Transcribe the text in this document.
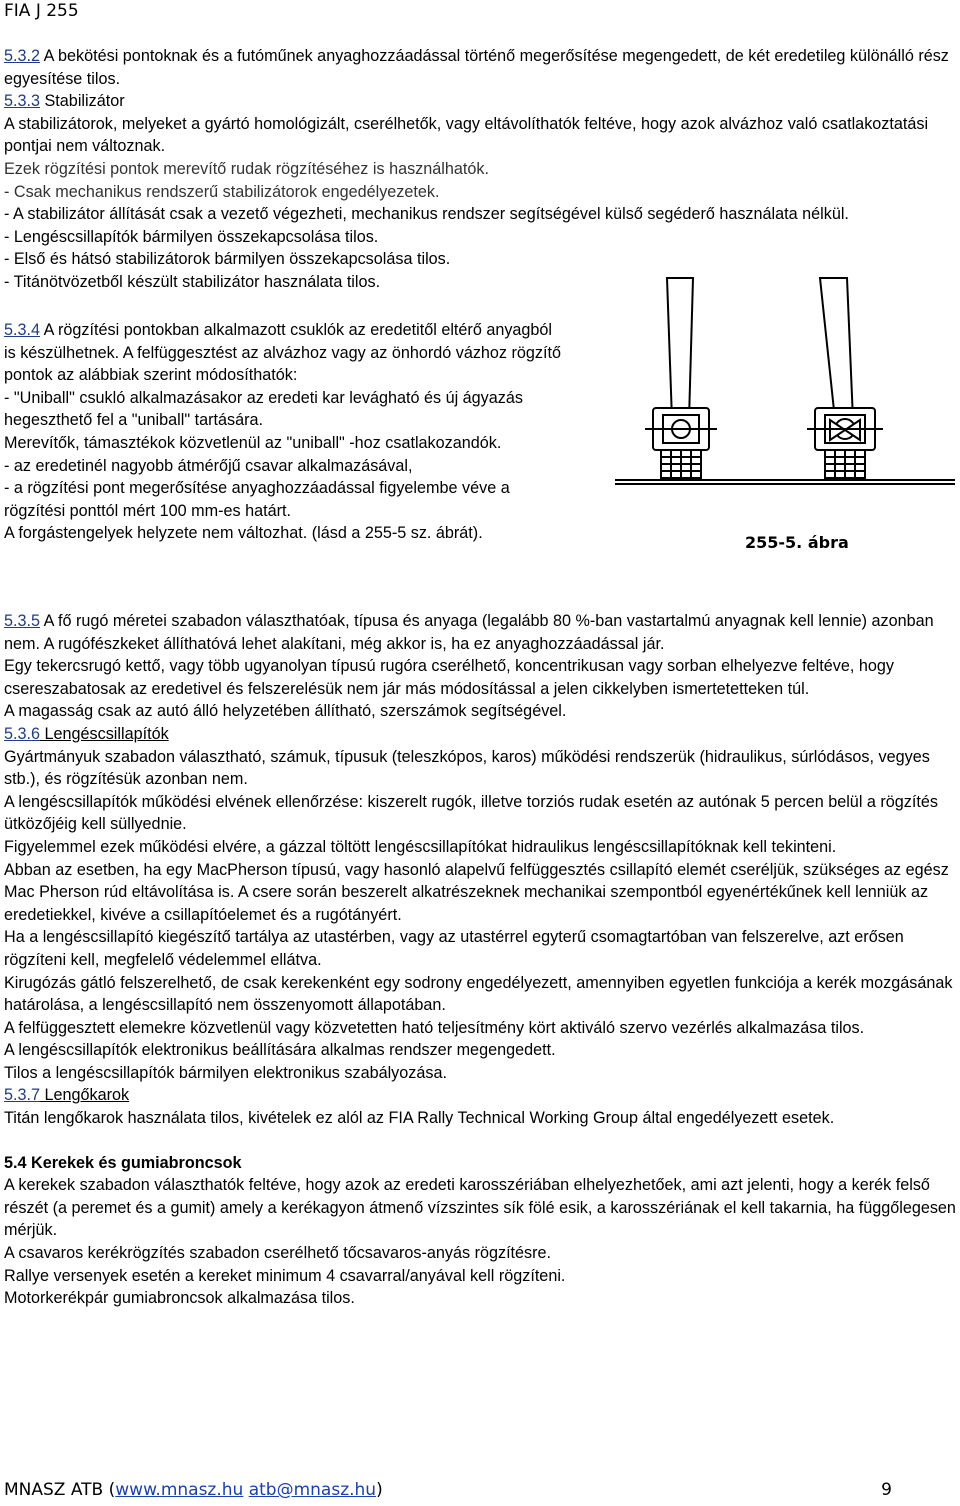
FIA J 255

5.3.2 A bekötési pontoknak és a futóműnek anyaghozzáadással történő megerősítése megengedett, de két eredetileg különálló rész egyesítése tilos.

5.3.3 Stabilizátor

A stabilizátorok, melyeket a gyártó homológizált, cserélhetők, vagy eltávolíthatók feltéve, hogy azok alvázhoz való csatlakoztatási pontjai nem változnak.

Ezek rögzítési pontok merevítő rudak rögzítéséhez is használhatók.

- Csak mechanikus rendszerű stabilizátorok engedélyezetek.

- A stabilizátor állítását csak a vezető végezheti, mechanikus rendszer segítségével külső segéderő használata nélkül.

- Lengéscsillapítók bármilyen összekapcsolása tilos.

- Első és hátsó stabilizátorok bármilyen összekapcsolása tilos.

- Titánötvözetből készült stabilizátor használata tilos.

5.3.4 A rögzítési pontokban alkalmazott csuklók az eredetitől eltérő anyagból is készülhetnek. A felfüggesztést az alvázhoz vagy az önhordó vázhoz rögzítő pontok az alábbiak szerint módosíthatók:

- "Uniball" csukló alkalmazásakor az eredeti kar levágható és új ágyazás hegeszthető fel a "uniball" tartására.

Merevítők, támasztékok közvetlenül az "uniball" -hoz csatlakozandók.

- az eredetinél nagyobb átmérőjű csavar alkalmazásával,

- a rögzítési pont megerősítése anyaghozzáadással figyelembe véve a rögzítési ponttól mért 100 mm-es határt.

A forgástengelyek helyzete nem változhat. (lásd a 255-5 sz. ábrát).	255-5. ábra

5.3.5 A fő rugó méretei szabadon választhatóak, típusa és anyaga (legalább 80 %-ban vastartalmú anyagnak kell lennie) azonban nem. A rugófészkeket állíthatóvá lehet alakítani, még akkor is, ha ez anyaghozzáadással jár.

Egy tekercsrugó kettő, vagy több ugyanolyan típusú rugóra cserélhető, koncentrikusan vagy sorban elhelyezve feltéve, hogy csereszabatosak az eredetivel és felszerelésük nem jár más módosítással a jelen cikkelyben ismertetetteken túl.

A magasság csak az autó álló helyzetében állítható, szerszámok segítségével.

5.3.6 Lengéscsillapítók

Gyártmányuk szabadon választható, számuk, típusuk (teleszkópos, karos) működési rendszerük (hidraulikus, súrlódásos, vegyes stb.), és rögzítésük azonban nem.

A lengéscsillapítók működési elvének ellenőrzése: kiszerelt rugók, illetve torziós rudak esetén az autónak 5 percen belül a rögzítés ütközőjéig kell süllyednie.

Figyelemmel ezek működési elvére, a gázzal töltött lengéscsillapítókat hidraulikus lengéscsillapítóknak kell tekinteni.

Abban az esetben, ha egy MacPherson típusú, vagy hasonló alapelvű felfüggesztés csillapító elemét cseréljük, szükséges az egész Mac Pherson rúd eltávolítása is. A csere során beszerelt alkatrészeknek mechanikai szempontból egyenértékűnek kell lenniük az eredetiekkel, kivéve a csillapítóelemet és a rugótányért.

Ha a lengéscsillapító kiegészítő tartálya az utastérben, vagy az utastérrel egyterű csomagtartóban van felszerelve, azt erősen rögzíteni kell, megfelelő védelemmel ellátva.

Kirugózás gátló felszerelhető, de csak kerekenként egy sodrony engedélyezett, amennyiben egyetlen funkciója a kerék mozgásának határolása, a lengéscsillapító nem összenyomott állapotában.

A felfüggesztett elemekre közvetlenül vagy közvetetten ható teljesítmény kört aktiváló szervo vezérlés alkalmazása tilos.

A lengéscsillapítók elektronikus beállítására alkalmas rendszer megengedett.

Tilos a lengéscsillapítók bármilyen elektronikus szabályozása.

5.3.7 Lengőkarok

Titán lengőkarok használata tilos, kivételek ez alól az FIA Rally Technical Working Group által engedélyezett esetek.

5.4 Kerekek és gumiabroncsok

A kerekek szabadon választhatók feltéve, hogy azok az eredeti karosszériában elhelyezhetőek, ami azt jelenti, hogy a kerék felső részét (a peremet és a gumit) amely a kerékagyon átmenő vízszintes sík fölé esik, a karosszériának el kell takarnia, ha függőlegesen mérjük.

A csavaros kerékrögzítés szabadon cserélhető tőcsavaros-anyás rögzítésre.

Rallye versenyek esetén a kereket minimum 4 csavarral/anyával kell rögzíteni.

Motorkerékpár gumiabroncsok alkalmazása tilos.

MNASZ ATB (www.mnasz.hu atb@mnasz.hu)	9
